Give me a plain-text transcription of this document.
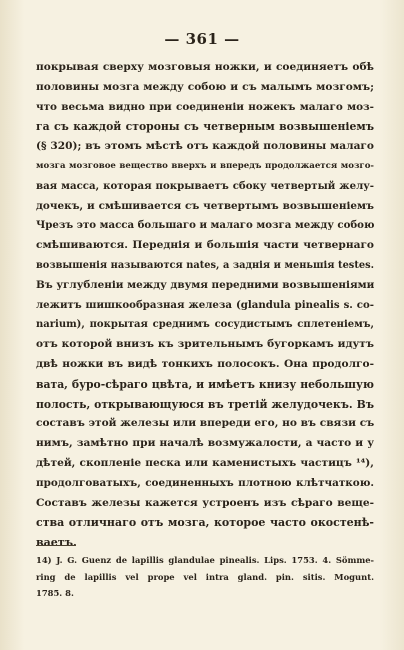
— 361 —
покрывая сверху мозговыя ножки, и соединяетъ обѣ
половины мозга между собою и съ малымъ мозгомъ;
что весьма видно при соединеніи ножекъ малаго моз-
га съ каждой стороны съ четверным возвышеніемъ
(§ 320); въ этомъ мѣстѣ отъ каждой половины малаго
мозга мозговое вещество вверхъ и впередъ продолжается мозго-
вая масса, которая покрываетъ сбоку четвертый желу-
дочекъ, и смѣшивается съ четвертымъ возвышеніемъ
Чрезъ это масса большаго и малаго мозга между собою
смѣшиваются. Переднія и большія части четвернаго
возвышенія называются nates, а заднія и меньшія testes.
Въ углубленіи между двумя передними возвышеніями
лежитъ шишкообразная железа (glandula pinealis s. co-
narium), покрытая среднимъ сосудистымъ сплетеніемъ,
отъ которой внизъ къ зрительнымъ бугоркамъ идутъ
двѣ ножки въ видѣ тонкихъ полосокъ. Она продолго-
вата, буро-сѣраго цвѣта, и имѣетъ книзу небольшую
полость, открывающуюся въ третій желудочекъ. Въ
составъ этой железы или впереди его, но въ связи съ
нимъ, замѣтно при началѣ возмужалости, а часто и у
дѣтей, скопленіе песка или каменистыхъ частицъ ¹⁴),
продолговатыхъ, соединенныхъ плотною клѣтчаткою.
Составъ железы кажется устроенъ изъ сѣраго веще-
ства отличнаго отъ мозга, которое часто окостенѣ-
ваетъ.
14) J. G. Guenz de lapillis glandulae pinealis. Lips. 1753. 4. Sömme-
ring de lapillis vel prope vel intra gland. pin. sitis. Mogunt.
1785. 8.
